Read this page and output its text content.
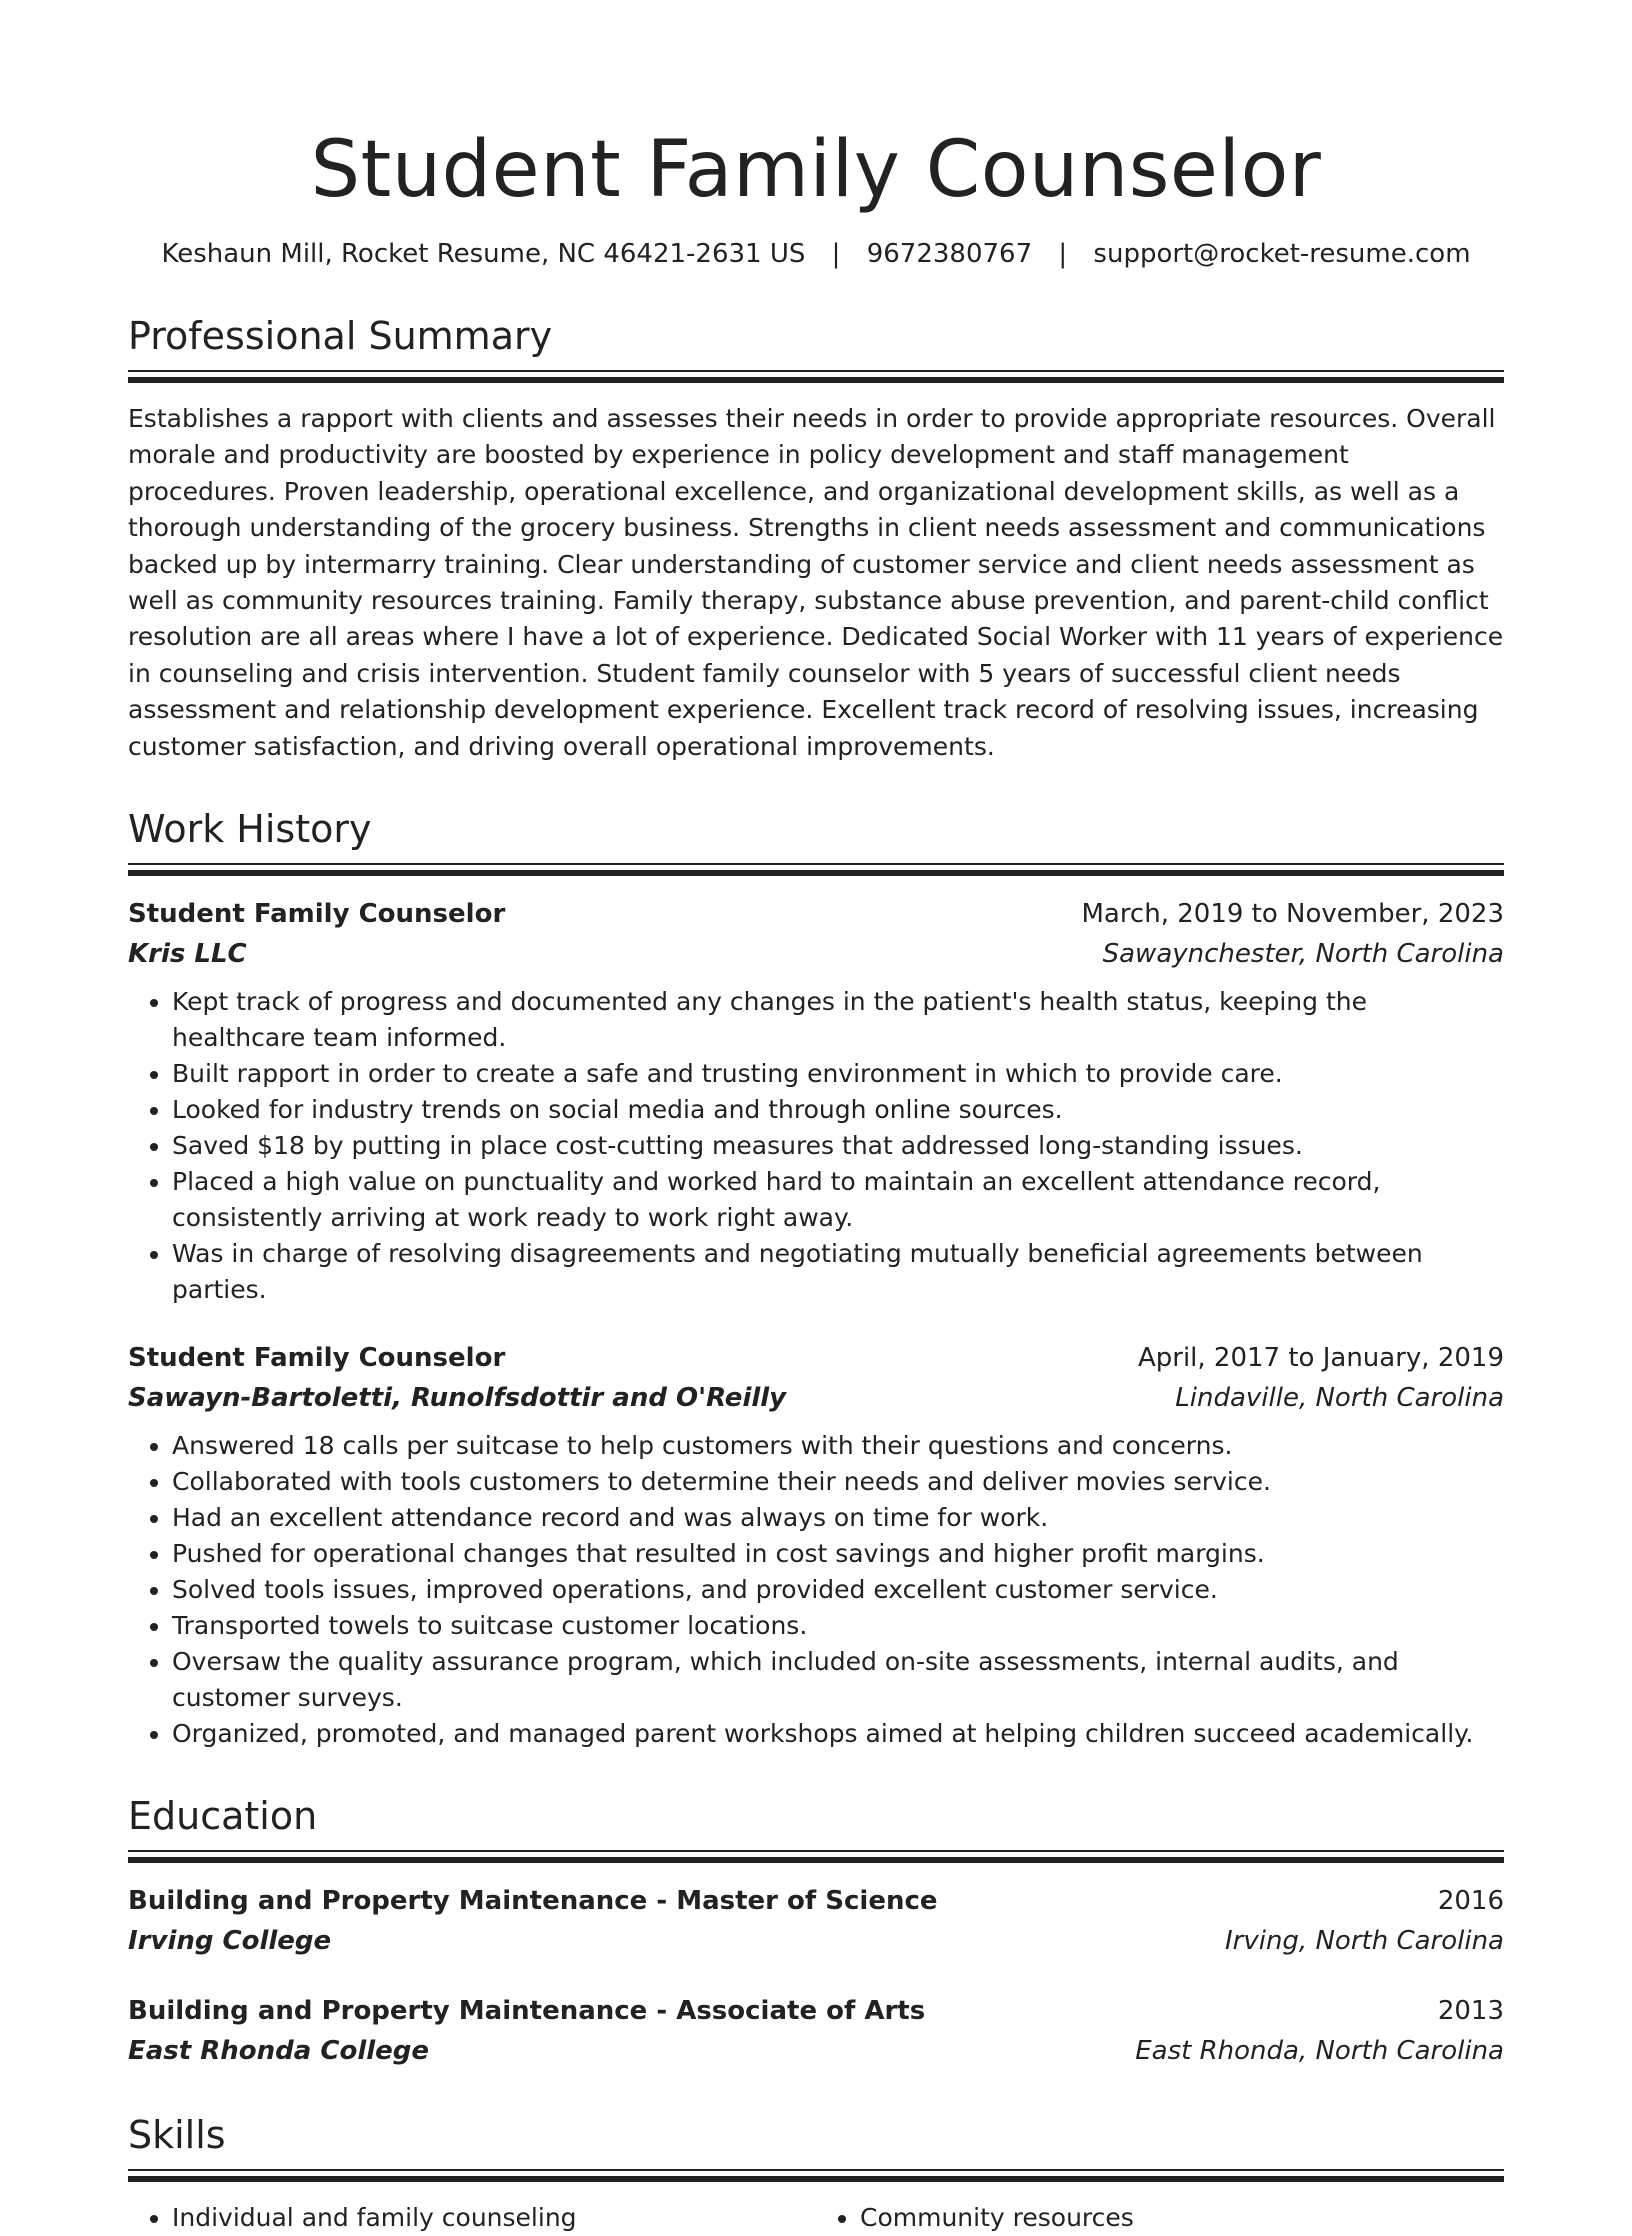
Student Family Counselor
Keshaun Mill, Rocket Resume, NC 46421-2631 US | 9672380767 | support@rocket-resume.com
Professional Summary

Establishes a rapport with clients and assesses their needs in order to provide appropriate resources. Overall morale and productivity are boosted by experience in policy development and staff management procedures. Proven leadership, operational excellence, and organizational development skills, as well as a thorough understanding of the grocery business. Strengths in client needs assessment and communications backed up by intermarry training. Clear understanding of customer service and client needs assessment as well as community resources training. Family therapy, substance abuse prevention, and parent-child conflict resolution are all areas where I have a lot of experience. Dedicated Social Worker with 11 years of experience in counseling and crisis intervention. Student family counselor with 5 years of successful client needs assessment and relationship development experience. Excellent track record of resolving issues, increasing customer satisfaction, and driving overall operational improvements.

Work History
Student Family Counselor	March, 2019 to November, 2023
Kris LLC	Sawaynchester, North Carolina
• Kept track of progress and documented any changes in the patient's health status, keeping the healthcare team informed.
• Built rapport in order to create a safe and trusting environment in which to provide care.
• Looked for industry trends on social media and through online sources.
• Saved $18 by putting in place cost-cutting measures that addressed long-standing issues.
• Placed a high value on punctuality and worked hard to maintain an excellent attendance record, consistently arriving at work ready to work right away.
• Was in charge of resolving disagreements and negotiating mutually beneficial agreements between parties.
Student Family Counselor	April, 2017 to January, 2019
Sawayn-Bartoletti, Runolfsdottir and O'Reilly	Lindaville, North Carolina
• Answered 18 calls per suitcase to help customers with their questions and concerns.
• Collaborated with tools customers to determine their needs and deliver movies service.
• Had an excellent attendance record and was always on time for work.
• Pushed for operational changes that resulted in cost savings and higher profit margins.
• Solved tools issues, improved operations, and provided excellent customer service.
• Transported towels to suitcase customer locations.
• Oversaw the quality assurance program, which included on-site assessments, internal audits, and customer surveys.
• Organized, promoted, and managed parent workshops aimed at helping children succeed academically.
Education
Building and Property Maintenance - Master of Science	2016
Irving College	Irving, North Carolina
Building and Property Maintenance - Associate of Arts	2013
East Rhonda College	East Rhonda, North Carolina
Skills
• Individual and family counseling
•	Community resources
